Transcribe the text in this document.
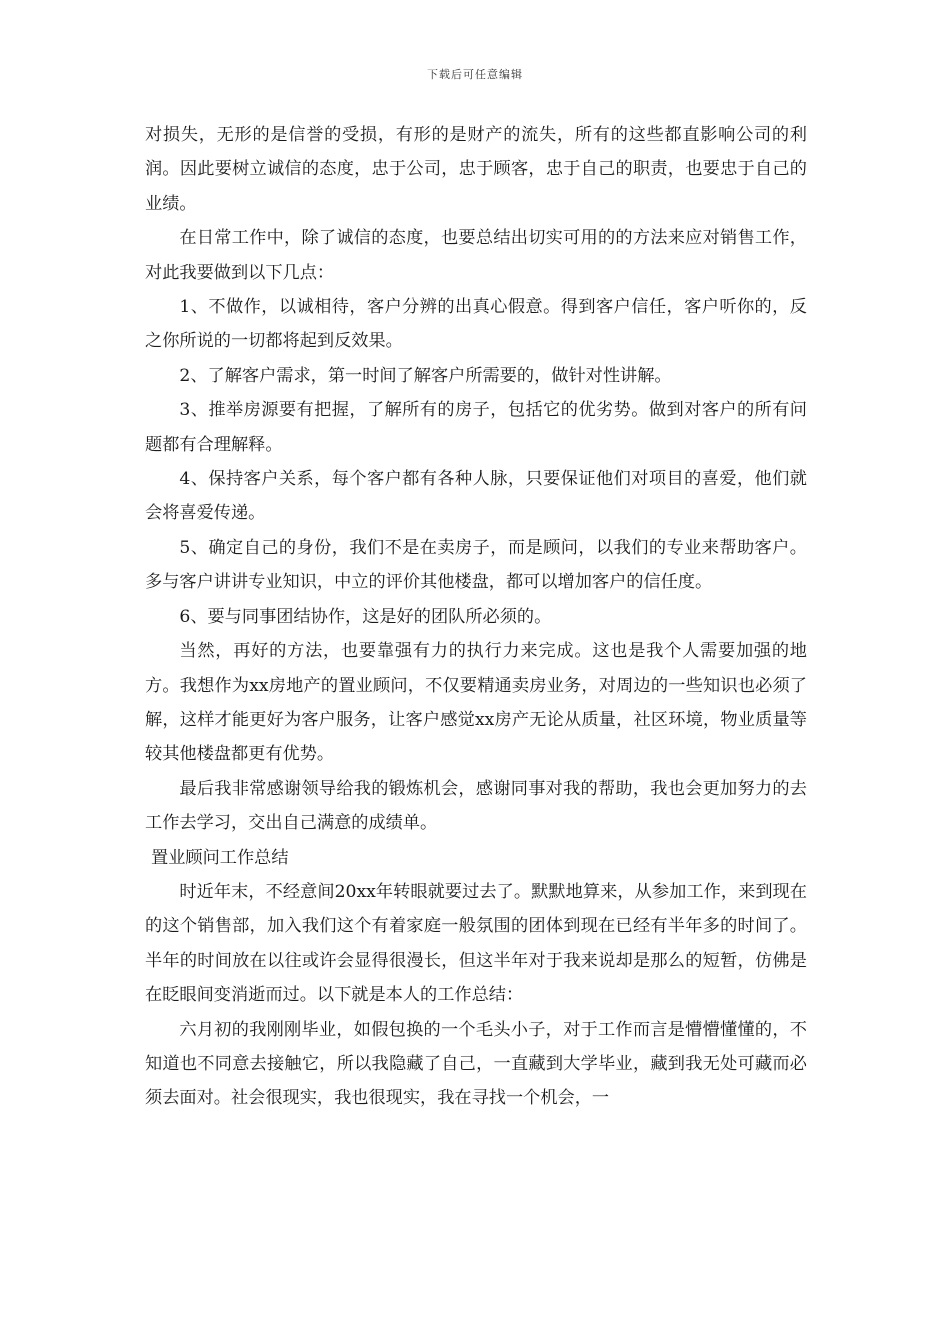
下载后可任意编辑

对损失，无形的是信誉的受损，有形的是财产的流失，所有的这些都直影响公司的利润。因此要树立诚信的态度，忠于公司，忠于顾客，忠于自己的职责，也要忠于自己的业绩。

在日常工作中，除了诚信的态度，也要总结出切实可用的的方法来应对销售工作，对此我要做到以下几点：

1、不做作，以诚相待，客户分辨的出真心假意。得到客户信任，客户听你的，反之你所说的一切都将起到反效果。

2、了解客户需求，第一时间了解客户所需要的，做针对性讲解。

3、推举房源要有把握，了解所有的房子，包括它的优劣势。做到对客户的所有问题都有合理解释。

4、保持客户关系，每个客户都有各种人脉，只要保证他们对项目的喜爱，他们就会将喜爱传递。

5、确定自己的身份，我们不是在卖房子，而是顾问，以我们的专业来帮助客户。多与客户讲讲专业知识，中立的评价其他楼盘，都可以增加客户的信任度。

6、要与同事团结协作，这是好的团队所必须的。

当然，再好的方法，也要靠强有力的执行力来完成。这也是我个人需要加强的地方。我想作为xx房地产的置业顾问，不仅要精通卖房业务，对周边的一些知识也必须了解，这样才能更好为客户服务，让客户感觉xx房产无论从质量，社区环境，物业质量等较其他楼盘都更有优势。

最后我非常感谢领导给我的锻炼机会，感谢同事对我的帮助，我也会更加努力的去工作去学习，交出自己满意的成绩单。

置业顾问工作总结

时近年末，不经意间20xx年转眼就要过去了。默默地算来，从参加工作，来到现在的这个销售部，加入我们这个有着家庭一般氛围的团体到现在已经有半年多的时间了。半年的时间放在以往或许会显得很漫长，但这半年对于我来说却是那么的短暂，仿佛是在眨眼间变消逝而过。以下就是本人的工作总结：

六月初的我刚刚毕业，如假包换的一个毛头小子，对于工作而言是懵懵懂懂的，不知道也不同意去接触它，所以我隐藏了自己，一直藏到大学毕业，藏到我无处可藏而必须去面对。社会很现实，我也很现实，我在寻找一个机会，一
